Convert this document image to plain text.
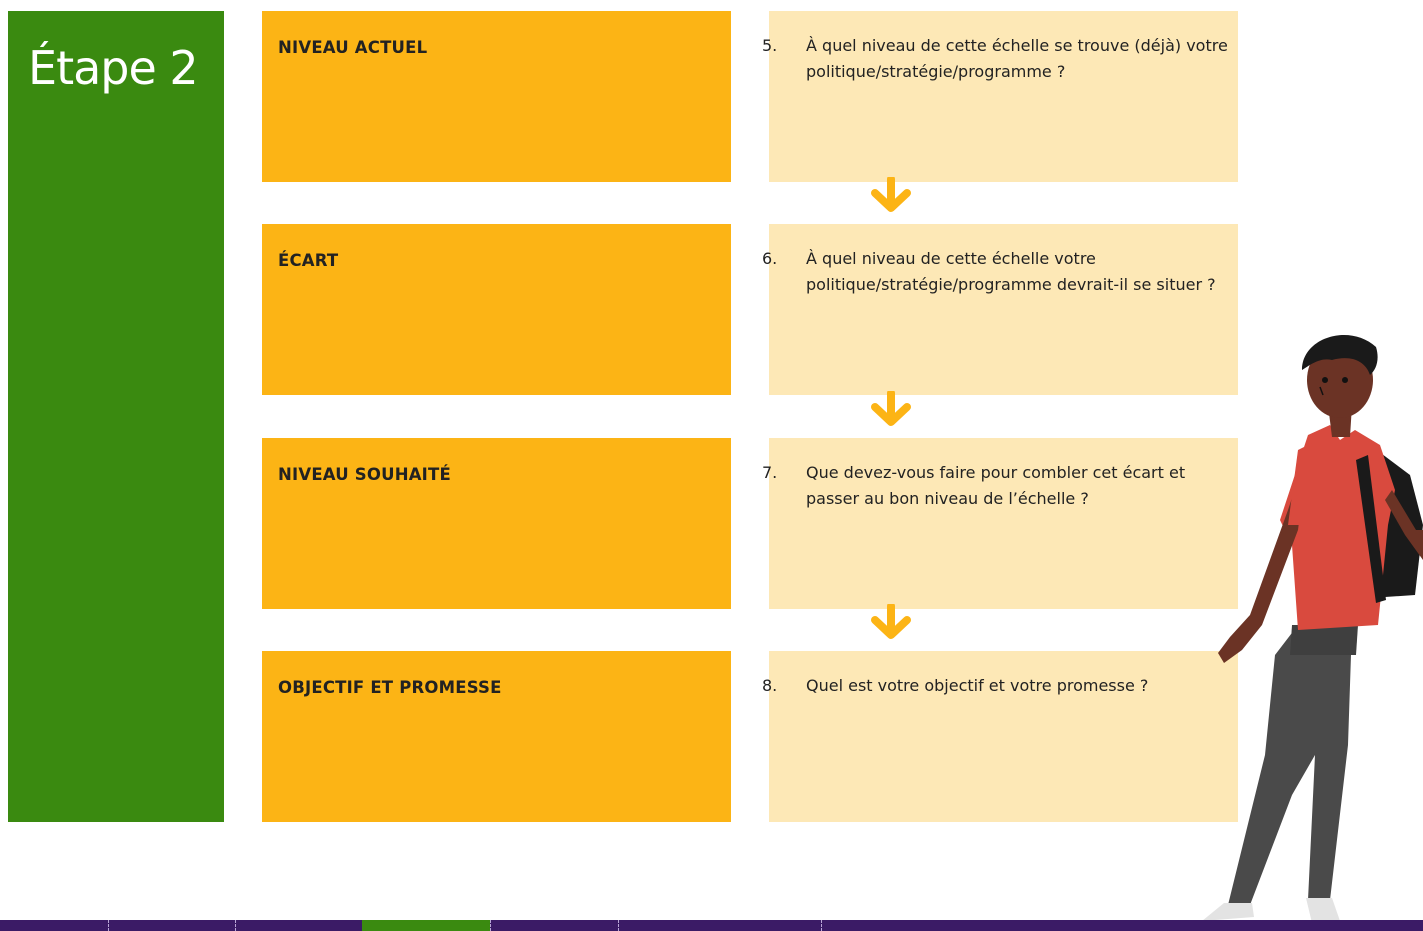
Étape 2	NIVEAU ACTUEL	5. À quel niveau de cette échelle se trouve (déjà) votre politique/stratégie/programme ?
ÉCART	6. À quel niveau de cette échelle votre politique/stratégie/programme devrait-il se situer ?
NIVEAU SOUHAITÉ	7. Que devez-vous faire pour combler cet écart et passer au bon niveau de l’échelle ?
OBJECTIF ET PROMESSE	8. Quel est votre objectif et votre promesse ?
